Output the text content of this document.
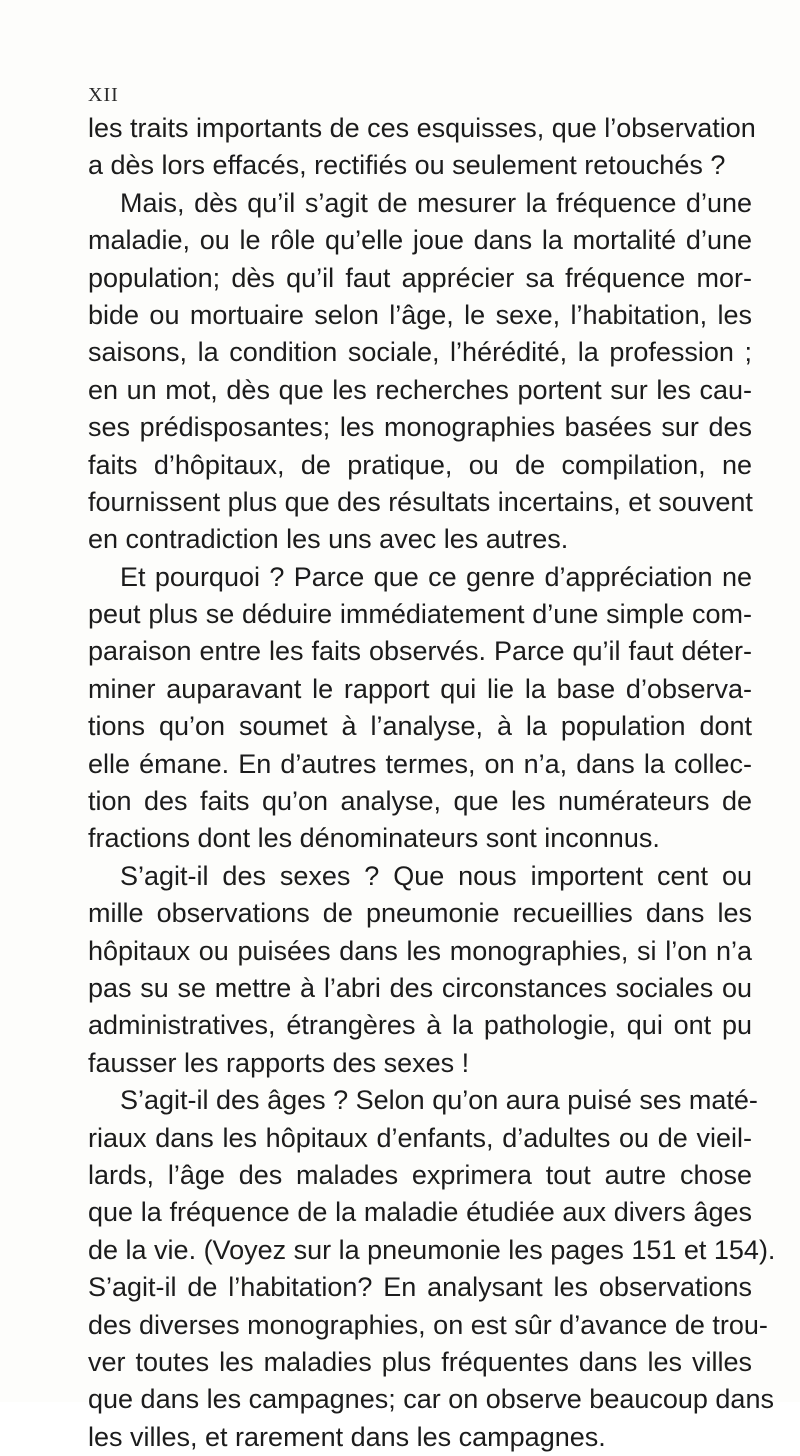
XII
les traits importants de ces esquisses, que l’observation
a dès lors effacés, rectifiés ou seulement retouchés ?
Mais, dès qu’il s’agit de mesurer la fréquence d’une
maladie, ou le rôle qu’elle joue dans la mortalité d’une
population; dès qu’il faut apprécier sa fréquence mor-
bide ou mortuaire selon l’âge, le sexe, l’habitation, les
saisons, la condition sociale, l’hérédité, la profession ;
en un mot, dès que les recherches portent sur les cau-
ses prédisposantes; les monographies basées sur des
faits d’hôpitaux, de pratique, ou de compilation, ne
fournissent plus que des résultats incertains, et souvent
en contradiction les uns avec les autres.
Et pourquoi ? Parce que ce genre d’appréciation ne
peut plus se déduire immédiatement d’une simple com-
paraison entre les faits observés. Parce qu’il faut déter-
miner auparavant le rapport qui lie la base d’observa-
tions qu’on soumet à l’analyse, à la population dont
elle émane. En d’autres termes, on n’a, dans la collec-
tion des faits qu’on analyse, que les numérateurs de
fractions dont les dénominateurs sont inconnus.
S’agit-il des sexes ? Que nous importent cent ou
mille observations de pneumonie recueillies dans les
hôpitaux ou puisées dans les monographies, si l’on n’a
pas su se mettre à l’abri des circonstances sociales ou
administratives, étrangères à la pathologie, qui ont pu
fausser les rapports des sexes !
S’agit-il des âges ? Selon qu’on aura puisé ses maté-
riaux dans les hôpitaux d’enfants, d’adultes ou de vieil-
lards, l’âge des malades exprimera tout autre chose
que la fréquence de la maladie étudiée aux divers âges
de la vie. (Voyez sur la pneumonie les pages 151 et 154).
S’agit-il de l’habitation? En analysant les observations
des diverses monographies, on est sûr d’avance de trou-
ver toutes les maladies plus fréquentes dans les villes
que dans les campagnes; car on observe beaucoup dans
les villes, et rarement dans les campagnes.
